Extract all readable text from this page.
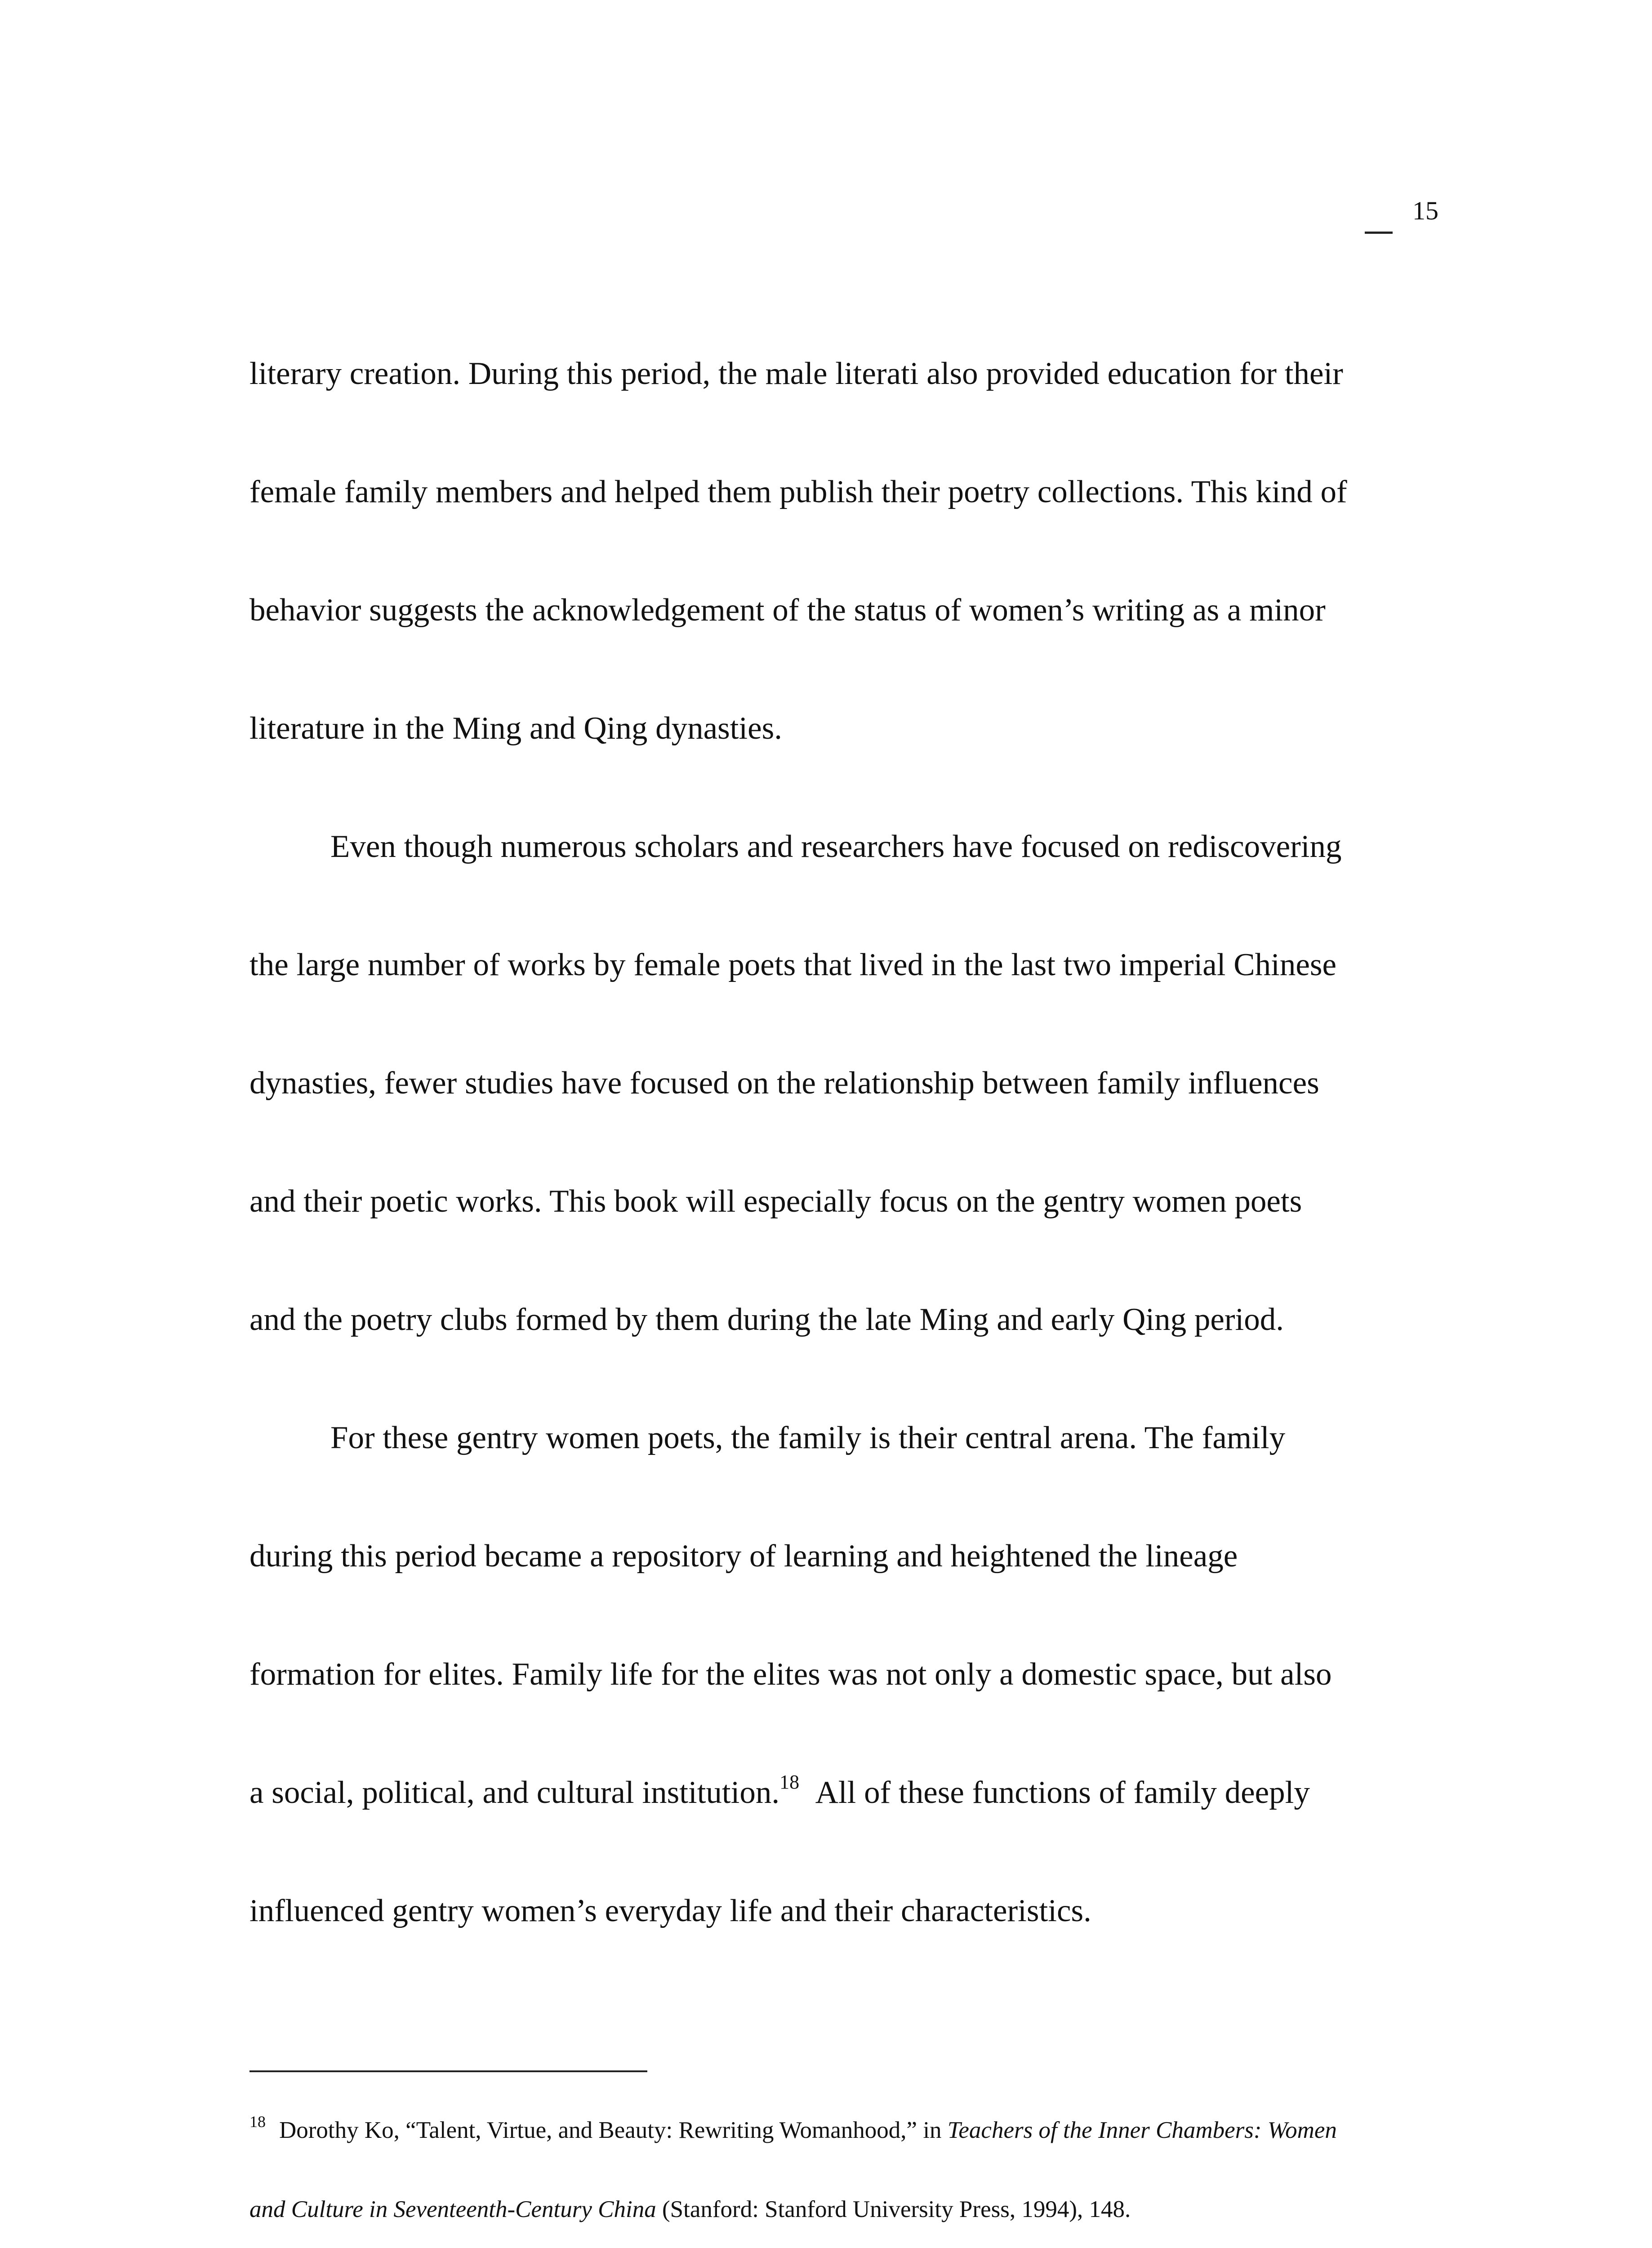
15
literary creation. During this period, the male literati also provided education for their
female family members and helped them publish their poetry collections. This kind of
behavior suggests the acknowledgement of the status of women’s writing as a minor
literature in the Ming and Qing dynasties.
Even though numerous scholars and researchers have focused on rediscovering
the large number of works by female poets that lived in the last two imperial Chinese
dynasties, fewer studies have focused on the relationship between family influences
and their poetic works. This book will especially focus on the gentry women poets
and the poetry clubs formed by them during the late Ming and early Qing period.
For these gentry women poets, the family is their central arena. The family
during this period became a repository of learning and heightened the lineage
formation for elites. Family life for the elites was not only a domestic space, but also
a social, political, and cultural institution.$^{18}$ All of these functions of family deeply
influenced gentry women’s everyday life and their characteristics.
$^{18}$ Dorothy Ko, “Talent, Virtue, and Beauty: Rewriting Womanhood,” in Teachers of the Inner Chambers: Women
and Culture in Seventeenth-Century China (Stanford: Stanford University Press, 1994), 148.
